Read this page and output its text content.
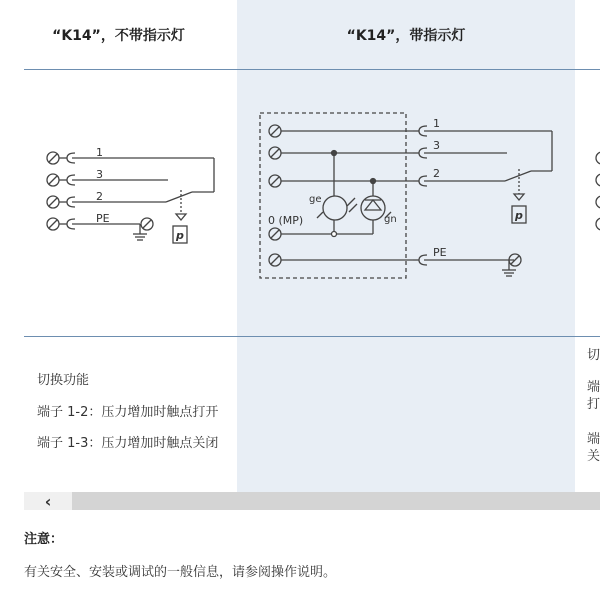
“K14”，不带指示灯
1
3
2
PE
p
切换功能
端子 1-2：压力增加时触点打开
端子 1-3：压力增加时触点关闭
“K14”，带指示灯
1
3
2
PE
0 (MP)
ge
gn	p
切
端打
端关
‹
注意：
有关安全、安装或调试的一般信息，请参阅操作说明。
